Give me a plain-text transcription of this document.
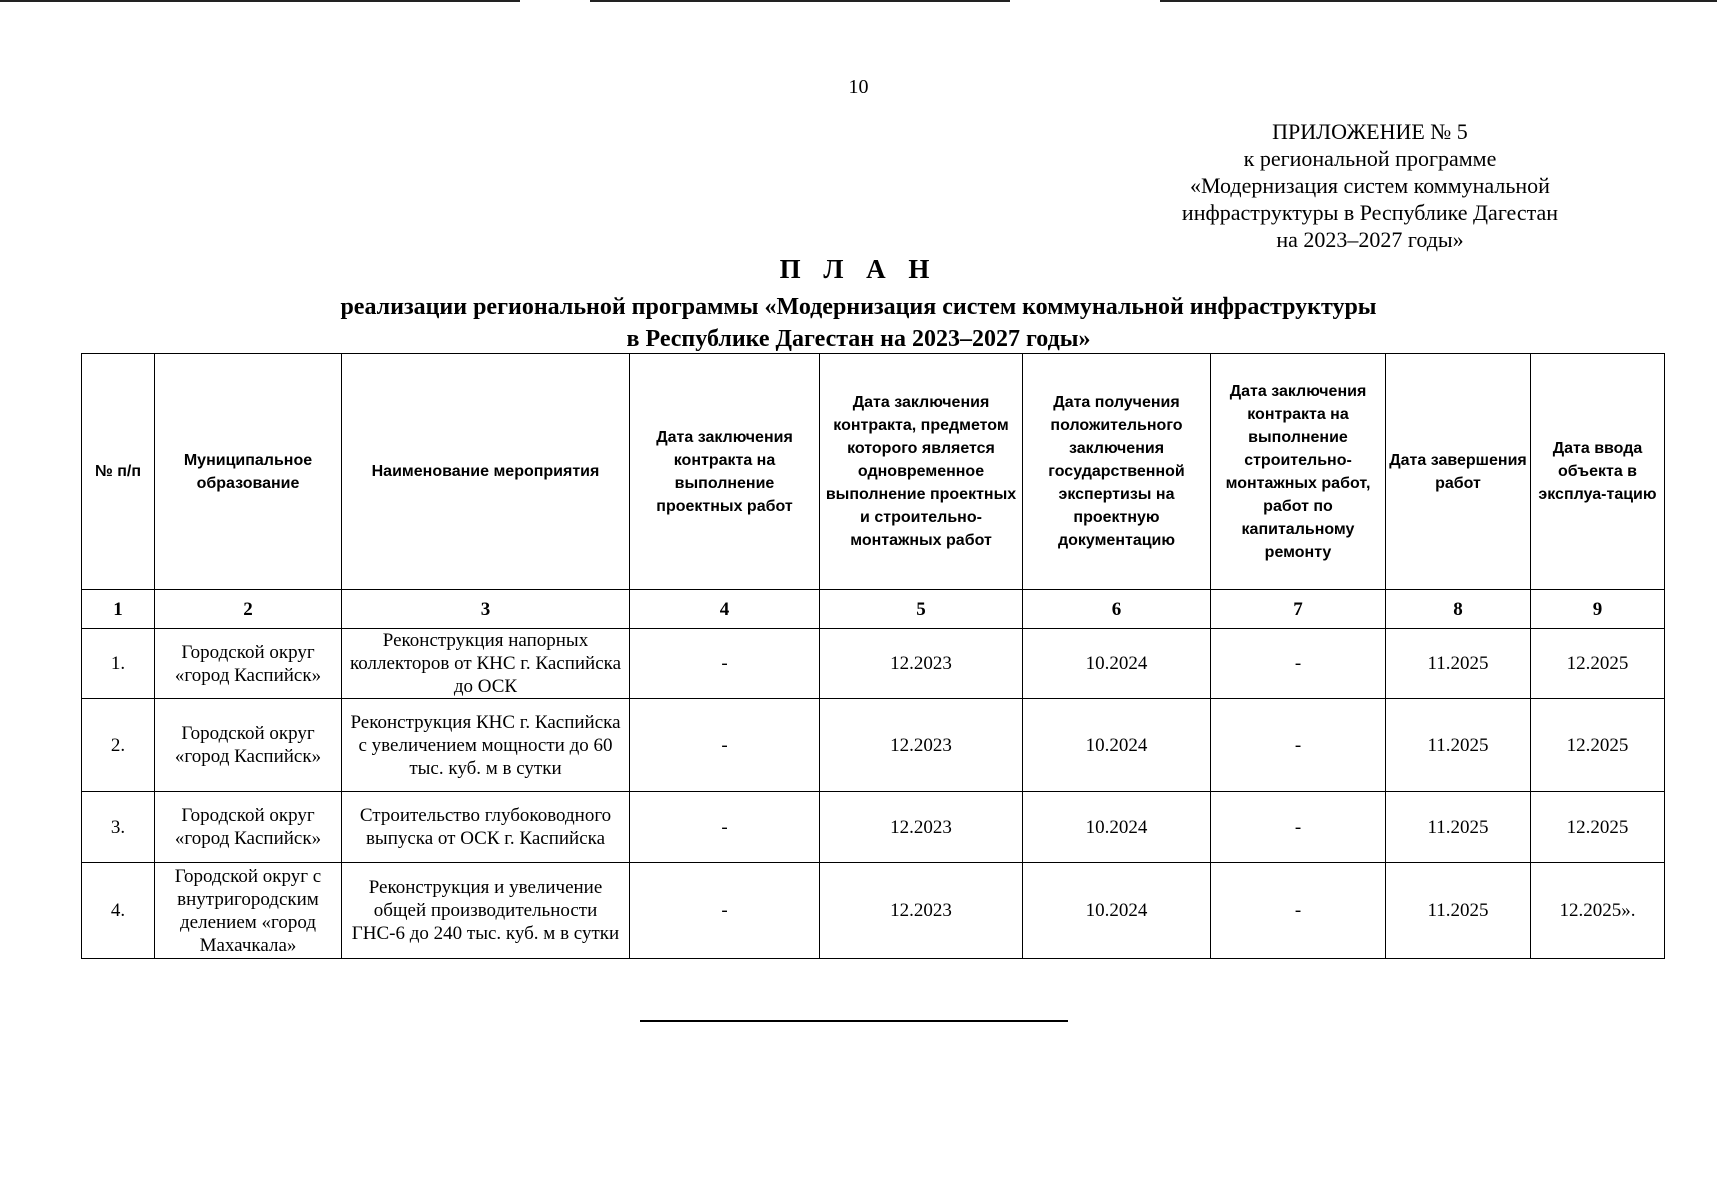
10
ПРИЛОЖЕНИЕ № 5
к региональной программе
«Модернизация систем коммунальной
инфраструктуры в Республике Дагестан
на 2023–2027 годы»
П Л А Н
реализации региональной программы «Модернизация систем коммунальной инфраструктуры
в Республике Дагестан на 2023–2027 годы»
№ п/п	Муниципальное образование	Наименование мероприятия	Дата заключения контракта на выполнение проектных работ	Дата заключения контракта, предметом которого является одновременное выполнение проектных и строительно-монтажных работ	Дата получения положительного заключения государственной экспертизы на проектную документацию	Дата заключения контракта на выполнение строительно-монтажных работ, работ по капитальному ремонту	Дата завершения работ	Дата ввода объекта в эксплуа-тацию
1	2	3	4	5	6	7	8	9
1.	Городской округ «город Каспийск»	Реконструкция напорных коллекторов от КНС г. Каспийска до ОСК	-	12.2023	10.2024	-	11.2025	12.2025
2.	Городской округ «город Каспийск»	Реконструкция КНС г. Каспийска с увеличением мощности до 60 тыс. куб. м в сутки	-	12.2023	10.2024	-	11.2025	12.2025
3.	Городской округ «город Каспийск»	Строительство глубоководного выпуска от ОСК г. Каспийска	-	12.2023	10.2024	-	11.2025	12.2025
4.	Городской округ с внутригородским делением «город Махачкала»	Реконструкция и увеличение общей производительности ГНС-6 до 240 тыс. куб. м в сутки	-	12.2023	10.2024	-	11.2025	12.2025».
